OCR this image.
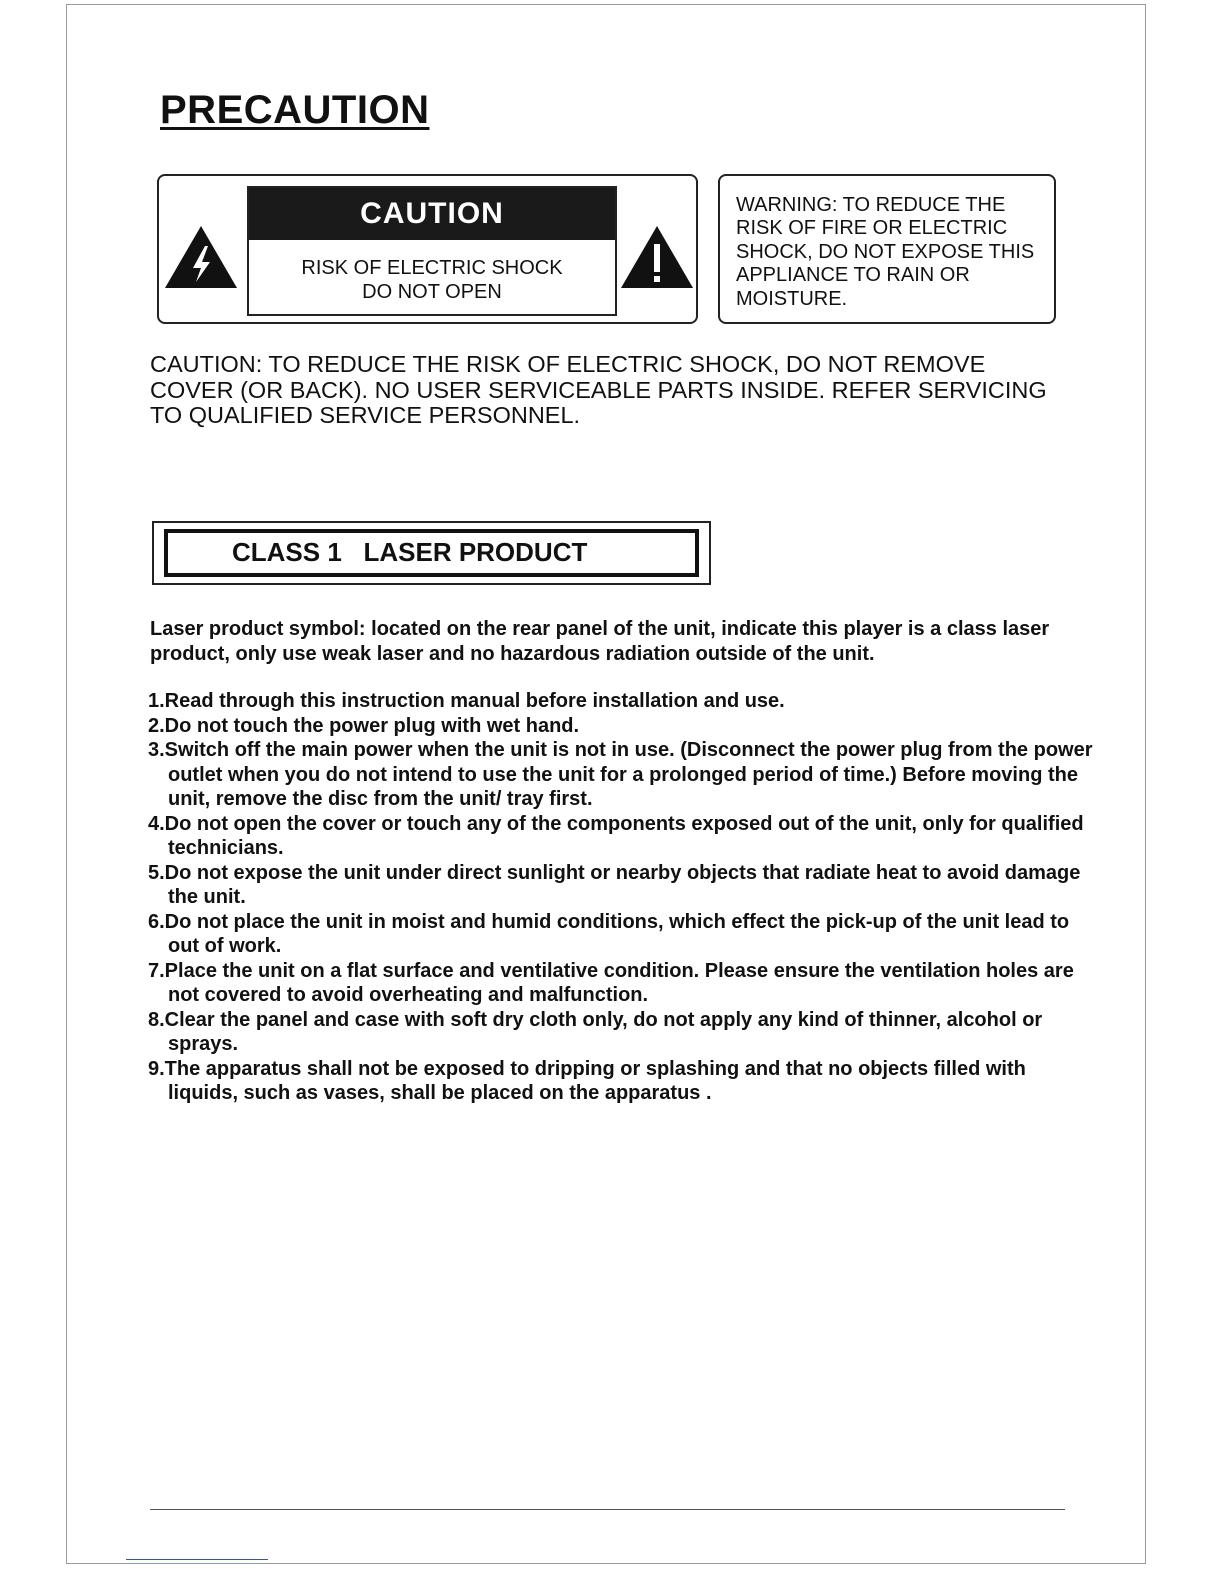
PRECAUTION
CAUTION
RISK OF ELECTRIC SHOCK
DO NOT OPEN
WARNING: TO REDUCE THE RISK OF FIRE OR ELECTRIC SHOCK, DO NOT EXPOSE THIS APPLIANCE TO RAIN OR MOISTURE.

CAUTION: TO REDUCE THE RISK OF ELECTRIC SHOCK, DO NOT REMOVE COVER (OR BACK). NO USER SERVICEABLE PARTS INSIDE. REFER SERVICING TO QUALIFIED SERVICE PERSONNEL.

CLASS 1   LASER PRODUCT

Laser product symbol: located on the rear panel of the unit, indicate this player is a class laser product, only use weak laser and no hazardous radiation outside of the unit.

1.Read through this instruction manual before installation and use.
2.Do not touch the power plug with wet hand.
3.Switch off the main power when the unit is not in use. (Disconnect the power plug from the power outlet when you do not intend to use the unit for a prolonged period of time.) Before moving the unit, remove the disc from the unit/ tray first.
4.Do not open the cover or touch any of the components exposed out of the unit, only for qualified technicians.
5.Do not expose the unit under direct sunlight or nearby objects that radiate heat to avoid damage the unit.
6.Do not place the unit in moist and humid conditions, which effect the pick-up of the unit lead to out of work.
7.Place the unit on a flat surface and ventilative condition. Please ensure the ventilation holes are not covered to avoid overheating and malfunction.
8.Clear the panel and case with soft dry cloth only, do not apply any kind of thinner, alcohol or sprays.
9.The apparatus shall not be exposed to dripping or splashing and that no objects filled with liquids, such as vases, shall be placed on the apparatus .
